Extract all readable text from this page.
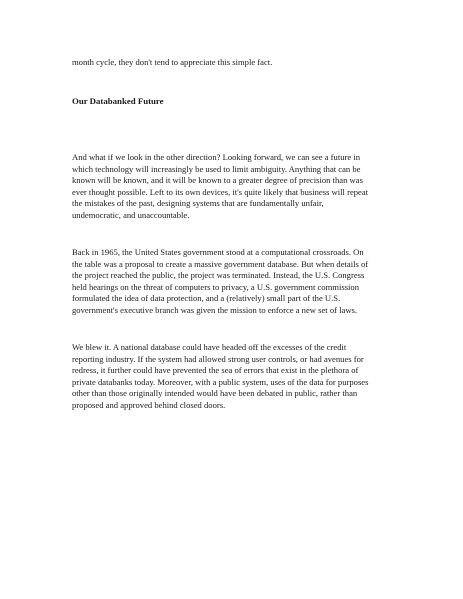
month cycle, they don't tend to appreciate this simple fact.

Our Databanked Future

And what if we look in the other direction? Looking forward, we can see a future in
which technology will increasingly be used to limit ambiguity. Anything that can be
known will be known, and it will be known to a greater degree of precision than was
ever thought possible. Left to its own devices, it's quite likely that business will repeat
the mistakes of the past, designing systems that are fundamentally unfair,
undemocratic, and unaccountable.

Back in 1965, the United States government stood at a computational crossroads. On
the table was a proposal to create a massive government database. But when details of
the project reached the public, the project was terminated. Instead, the U.S. Congress
held hearings on the threat of computers to privacy, a U.S. government commission
formulated the idea of data protection, and a (relatively) small part of the U.S.
government's executive branch was given the mission to enforce a new set of laws.

We blew it. A national database could have headed off the excesses of the credit
reporting industry. If the system had allowed strong user controls, or had avenues for
redress, it further could have prevented the sea of errors that exist in the plethora of
private databanks today. Moreover, with a public system, uses of the data for purposes
other than those originally intended would have been debated in public, rather than
proposed and approved behind closed doors.
